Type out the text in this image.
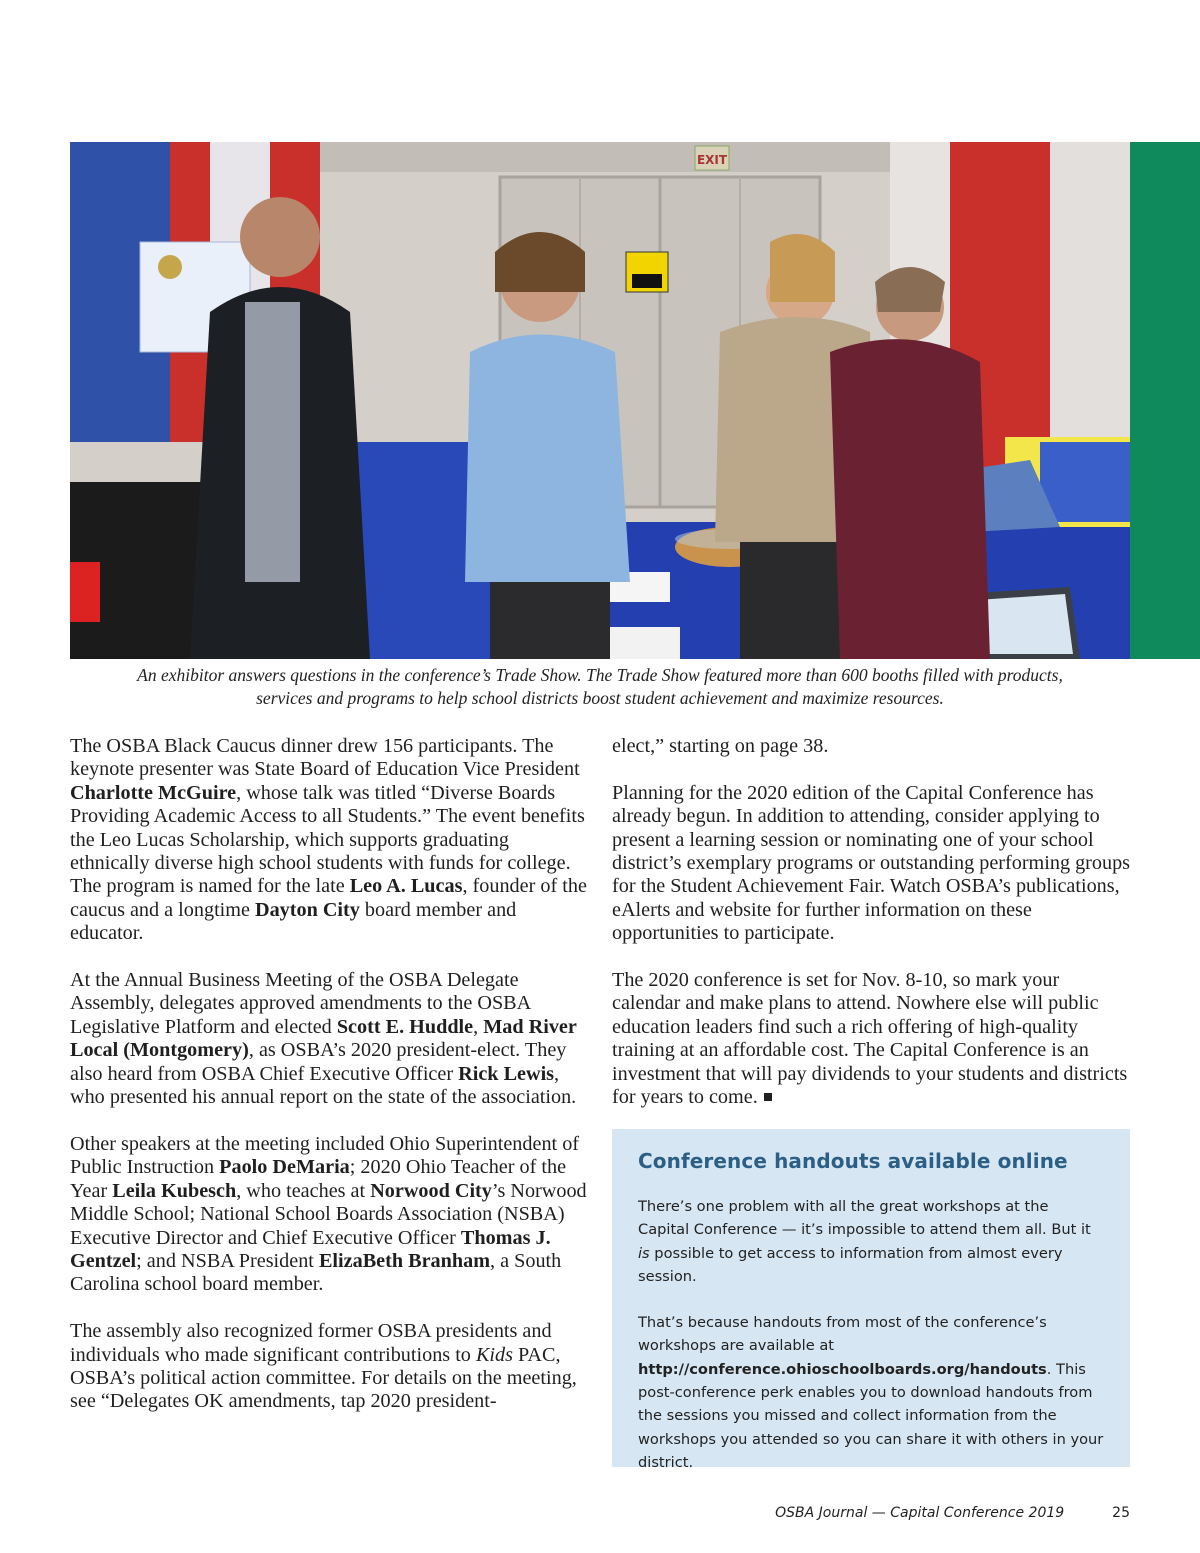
EXIT
An exhibitor answers questions in the conference’s Trade Show. The Trade Show featured more than 600 booths filled with products,
services and programs to help school districts boost student achievement and maximize resources.

The OSBA Black Caucus dinner drew 156 participants. The keynote presenter was State Board of Education Vice President Charlotte McGuire, whose talk was titled “Diverse Boards Providing Academic Access to all Students.” The event benefits the Leo Lucas Scholarship, which supports graduating ethnically diverse high school students with funds for college. The program is named for the late Leo A. Lucas, founder of the caucus and a longtime Dayton City board member and educator.

At the Annual Business Meeting of the OSBA Delegate Assembly, delegates approved amendments to the OSBA Legislative Platform and elected Scott E. Huddle, Mad River Local (Montgomery), as OSBA’s 2020 president-elect. They also heard from OSBA Chief Executive Officer Rick Lewis, who presented his annual report on the state of the association.

Other speakers at the meeting included Ohio Superintendent of Public Instruction Paolo DeMaria; 2020 Ohio Teacher of the Year Leila Kubesch, who teaches at Norwood City’s Norwood Middle School; National School Boards Association (NSBA) Executive Director and Chief Executive Officer Thomas J. Gentzel; and NSBA President ElizaBeth Branham, a South Carolina school board member.

The assembly also recognized former OSBA presidents and individuals who made significant contributions to Kids PAC, OSBA’s political action committee. For details on the meeting, see “Delegates OK amendments, tap 2020 president-

elect,” starting on page 38.

Planning for the 2020 edition of the Capital Conference has already begun. In addition to attending, consider applying to present a learning session or nominating one of your school district’s exemplary programs or outstanding performing groups for the Student Achievement Fair. Watch OSBA’s publications, eAlerts and website for further information on these opportunities to participate.

The 2020 conference is set for Nov. 8-10, so mark your calendar and make plans to attend. Nowhere else will public education leaders find such a rich offering of high-quality training at an affordable cost. The Capital Conference is an investment that will pay dividends to your students and districts for years to come.

Conference handouts available online

There’s one problem with all the great workshops at the Capital Conference — it’s impossible to attend them all. But it is possible to get access to information from almost every session.

That’s because handouts from most of the conference’s workshops are available at http://conference.ohioschoolboards.org/handouts. This post-conference perk enables you to download handouts from the sessions you missed and collect information from the workshops you attended so you can share it with others in your district.

OSBA Journal — Capital Conference 2019	25
